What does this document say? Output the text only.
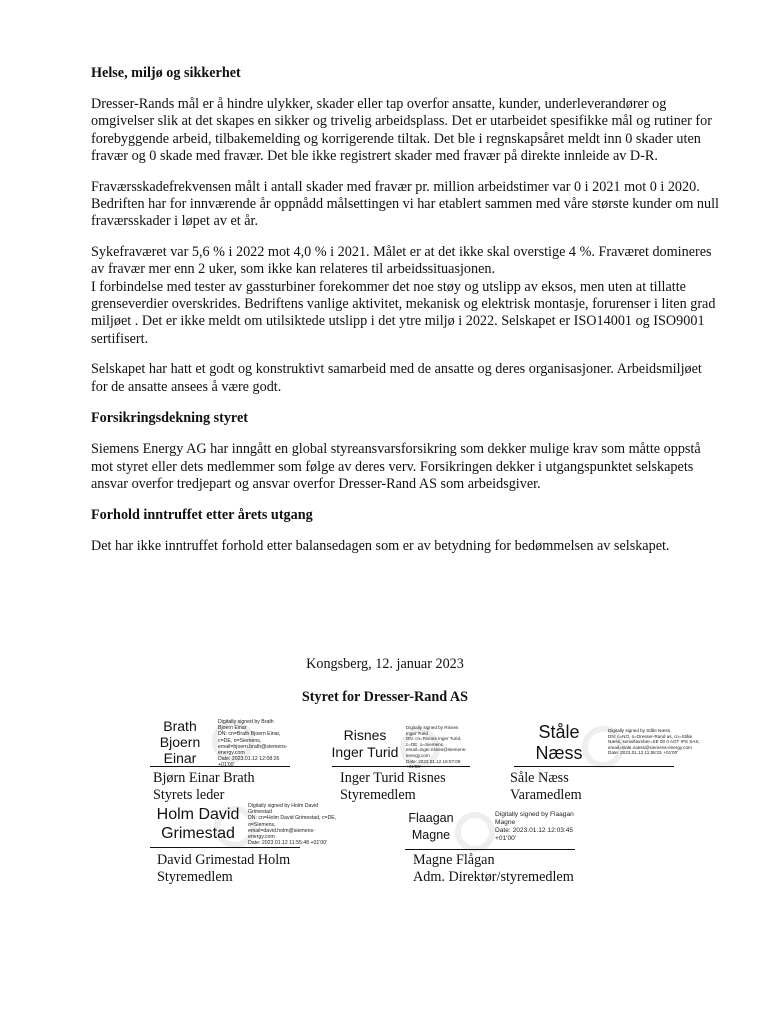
Helse, miljø og sikkerhet
Dresser-Rands mål er å hindre ulykker, skader eller tap overfor ansatte, kunder, underleverandører og omgivelser slik at det skapes en sikker og trivelig arbeidsplass. Det er utarbeidet spesifikke mål og rutiner for forebyggende arbeid, tilbakemelding og korrigerende tiltak. Det ble i regnskapsåret meldt inn 0 skader uten fravær og 0 skade med fravær. Det ble ikke registrert skader med fravær på direkte innleide av D-R.
Fraværsskadefrekvensen målt i antall skader med fravær pr. million arbeidstimer var 0 i 2021 mot 0 i 2020. Bedriften har for innværende år oppnådd målsettingen vi har etablert sammen med våre største kunder om null fraværsskader i løpet av et år.
Sykefraværet var 5,6 % i 2022 mot 4,0 % i 2021. Målet er at det ikke skal overstige 4 %. Fraværet domineres av fravær mer enn 2 uker, som ikke kan relateres til arbeidssituasjonen.
I forbindelse med tester av gassturbiner forekommer det noe støy og utslipp av eksos, men uten at tillatte grenseverdier overskrides. Bedriftens vanlige aktivitet, mekanisk og elektrisk montasje, forurenser i liten grad miljøet . Det er ikke meldt om utilsiktede utslipp i det ytre miljø i 2022. Selskapet er ISO14001 og ISO9001 sertifisert.
Selskapet har hatt et godt og konstruktivt samarbeid med de ansatte og deres organisasjoner. Arbeidsmiljøet for de ansatte ansees å være godt.
Forsikringsdekning styret
Siemens Energy AG har inngått en global styreansvarsforsikring som dekker mulige krav som måtte oppstå mot styret eller dets medlemmer som følge av deres verv. Forsikringen dekker i utgangspunktet selskapets ansvar overfor tredjepart og ansvar overfor Dresser-Rand AS som arbeidsgiver.
Forhold inntruffet etter årets utgang
Det har ikke inntruffet forhold etter balansedagen som er av betydning for bedømmelsen av selskapet.
Kongsberg, 12. januar 2023
Styret for Dresser-Rand AS
Brath
Bjoern
Einar
Digitally signed by Brath Bjoern Einar
DN: cn=Brath Bjoern Einar, c=DE, o=Siemens, email=bjoern.brath@siemens-energy.com
Date: 2023.01.12 12:08:26
Bjørn Einar Brath
Styrets leder
Risnes
Inger Turid
Digitally signed by Risnes Inger Turid
DN: cn=Risnes Inger Turid, c=DE, o=Siemens, email=inger.risnes@siemens-energy.com
Date: 2023.01.12 16:07:09
Inger Turid Risnes
Styremedlem
Ståle
Næss
Digitally signed by Ståle Næss
DN: c=NO, o=Dresser-Rand as, cn=Ståle Næss, serialNumber=SE 00 0 AGT IPS SAS, email=stale.naess@siemens-energy.com
Date: 2023.01.12 11:58:01 +01'00'
Såle Næss
Varamedlem
Holm David
Grimestad
Digitally signed by Holm David Grimestad
DN: cn=Holm David Grimestad, c=DE, o=Siemens, email=david.holm@siemens-energy.com
Date: 2023.01.12 11:55:48 +01'00'
David Grimestad Holm
Styremedlem
Flaagan
Magne
Digitally signed by Flaagan Magne
Date: 2023.01.12 12:03:45
+01'00'
Magne Flågan
Adm. Direktør/styremedlem
